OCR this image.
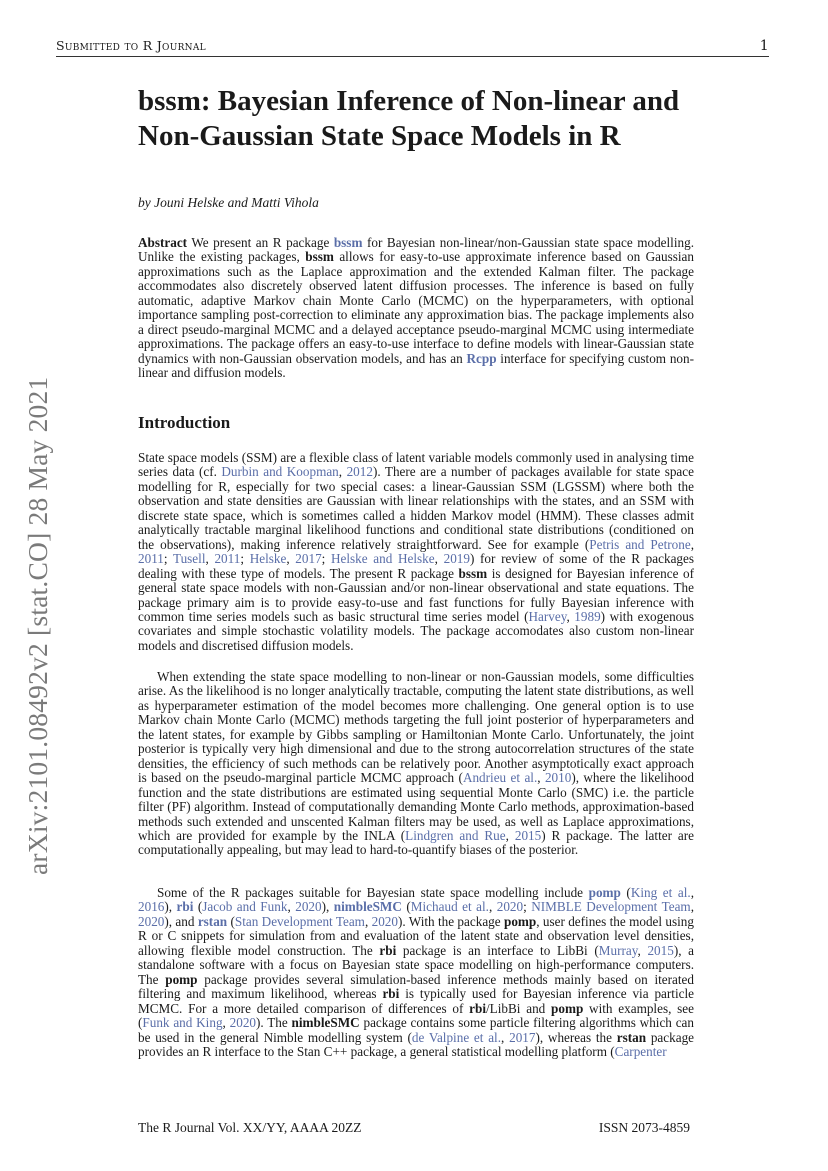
Submitted to R Journal	1
arXiv:2101.08492v2 [stat.CO] 28 May 2021
bssm: Bayesian Inference of Non-linear and Non-Gaussian State Space Models in R
by Jouni Helske and Matti Vihola

Abstract We present an R package bssm for Bayesian non-linear/non-Gaussian state space modelling. Unlike the existing packages, bssm allows for easy-to-use approximate inference based on Gaussian approximations such as the Laplace approximation and the extended Kalman filter. The package accommodates also discretely observed latent diffusion processes. The inference is based on fully automatic, adaptive Markov chain Monte Carlo (MCMC) on the hyperparameters, with optional importance sampling post-correction to eliminate any approximation bias. The package implements also a direct pseudo-marginal MCMC and a delayed acceptance pseudo-marginal MCMC using intermediate approximations. The package offers an easy-to-use interface to define models with linear-Gaussian state dynamics with non-Gaussian observation models, and has an Rcpp interface for specifying custom non-linear and diffusion models.

Introduction

State space models (SSM) are a flexible class of latent variable models commonly used in analysing time series data (cf. Durbin and Koopman, 2012). There are a number of packages available for state space modelling for R, especially for two special cases: a linear-Gaussian SSM (LGSSM) where both the observation and state densities are Gaussian with linear relationships with the states, and an SSM with discrete state space, which is sometimes called a hidden Markov model (HMM). These classes admit analytically tractable marginal likelihood functions and conditional state distributions (conditioned on the observations), making inference relatively straightforward. See for example (Petris and Petrone, 2011; Tusell, 2011; Helske, 2017; Helske and Helske, 2019) for review of some of the R packages dealing with these type of models. The present R package bssm is designed for Bayesian inference of general state space models with non-Gaussian and/or non-linear observational and state equations. The package primary aim is to provide easy-to-use and fast functions for fully Bayesian inference with common time series models such as basic structural time series model (Harvey, 1989) with exogenous covariates and simple stochastic volatility models. The package accomodates also custom non-linear models and discretised diffusion models.

When extending the state space modelling to non-linear or non-Gaussian models, some difficulties arise. As the likelihood is no longer analytically tractable, computing the latent state distributions, as well as hyperparameter estimation of the model becomes more challenging. One general option is to use Markov chain Monte Carlo (MCMC) methods targeting the full joint posterior of hyperparameters and the latent states, for example by Gibbs sampling or Hamiltonian Monte Carlo. Unfortunately, the joint posterior is typically very high dimensional and due to the strong autocorrelation structures of the state densities, the efficiency of such methods can be relatively poor. Another asymptotically exact approach is based on the pseudo-marginal particle MCMC approach (Andrieu et al., 2010), where the likelihood function and the state distributions are estimated using sequential Monte Carlo (SMC) i.e. the particle filter (PF) algorithm. Instead of computationally demanding Monte Carlo methods, approximation-based methods such extended and unscented Kalman filters may be used, as well as Laplace approximations, which are provided for example by the INLA (Lindgren and Rue, 2015) R package. The latter are computationally appealing, but may lead to hard-to-quantify biases of the posterior.

Some of the R packages suitable for Bayesian state space modelling include pomp (King et al., 2016), rbi (Jacob and Funk, 2020), nimbleSMC (Michaud et al., 2020; NIMBLE Development Team, 2020), and rstan (Stan Development Team, 2020). With the package pomp, user defines the model using R or C snippets for simulation from and evaluation of the latent state and observation level densities, allowing flexible model construction. The rbi package is an interface to LibBi (Murray, 2015), a standalone software with a focus on Bayesian state space modelling on high-performance computers. The pomp package provides several simulation-based inference methods mainly based on iterated filtering and maximum likelihood, whereas rbi is typically used for Bayesian inference via particle MCMC. For a more detailed comparison of differences of rbi/LibBi and pomp with examples, see (Funk and King, 2020). The nimbleSMC package contains some particle filtering algorithms which can be used in the general Nimble modelling system (de Valpine et al., 2017), whereas the rstan package provides an R interface to the Stan C++ package, a general statistical modelling platform (Carpenter

The R Journal Vol. XX/YY, AAAA 20ZZ	ISSN 2073-4859
